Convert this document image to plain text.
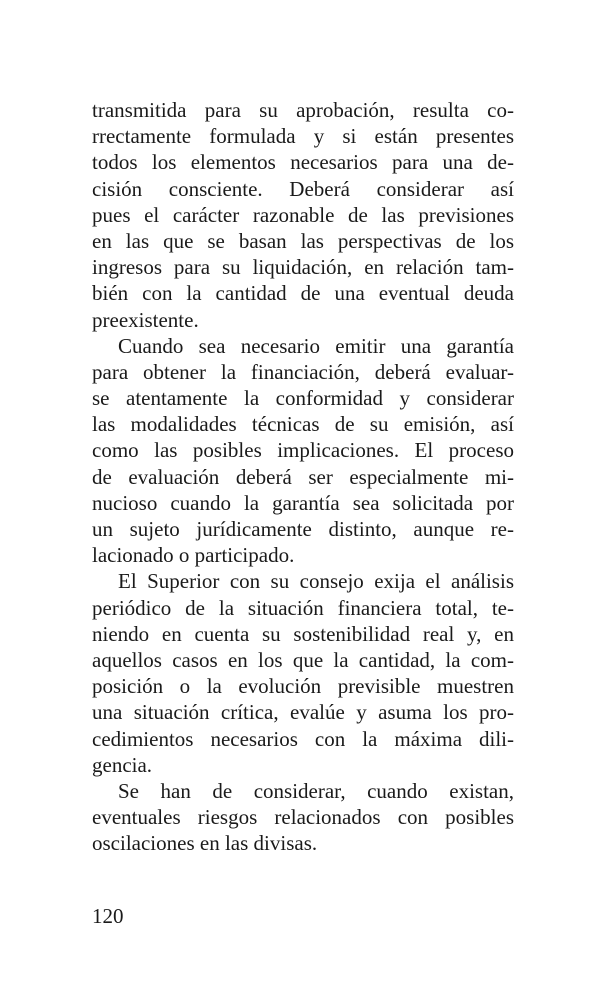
transmitida para su aprobación, resulta co-
rrectamente formulada y si están presentes
todos los elementos necesarios para una de-
cisión consciente. Deberá considerar así
pues el carácter razonable de las previsiones
en las que se basan las perspectivas de los
ingresos para su liquidación, en relación tam-
bién con la cantidad de una eventual deuda
preexistente.
Cuando sea necesario emitir una garantía
para obtener la financiación, deberá evaluar-
se atentamente la conformidad y considerar
las modalidades técnicas de su emisión, así
como las posibles implicaciones. El proceso
de evaluación deberá ser especialmente mi-
nucioso cuando la garantía sea solicitada por
un sujeto jurídicamente distinto, aunque re-
lacionado o participado.
El Superior con su consejo exija el análisis
periódico de la situación financiera total, te-
niendo en cuenta su sostenibilidad real y, en
aquellos casos en los que la cantidad, la com-
posición o la evolución previsible muestren
una situación crítica, evalúe y asuma los pro-
cedimientos necesarios con la máxima dili-
gencia.
Se han de considerar, cuando existan,
eventuales riesgos relacionados con posibles
oscilaciones en las divisas.
120
